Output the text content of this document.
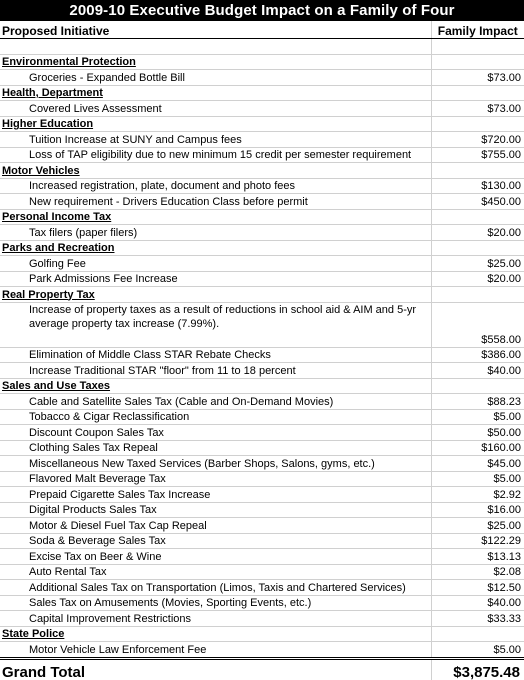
2009-10 Executive Budget Impact on a Family of Four
Proposed Initiative	Family Impact

Environmental Protection	
Groceries - Expanded Bottle Bill	$73.00
Health, Department	
Covered Lives Assessment	$73.00
Higher Education	
Tuition Increase at SUNY and Campus fees	$720.00
Loss of TAP eligibility due to new minimum 15 credit per semester requirement	$755.00
Motor Vehicles	
Increased registration, plate, document and photo fees	$130.00
New requirement - Drivers Education Class before permit	$450.00
Personal Income Tax	
Tax filers (paper filers)	$20.00
Parks and Recreation	
Golfing Fee	$25.00
Park Admissions Fee Increase	$20.00
Real Property Tax	
Increase of property taxes as a result of reductions in school aid & AIM and 5-yr average property tax increase (7.99%).	$558.00
Elimination of Middle Class STAR Rebate Checks	$386.00
Increase Traditional STAR "floor" from 11 to 18 percent	$40.00
Sales and Use Taxes	
Cable and Satellite Sales Tax (Cable and On-Demand Movies)	$88.23
Tobacco & Cigar Reclassification	$5.00
Discount Coupon Sales Tax	$50.00
Clothing Sales Tax Repeal	$160.00
Miscellaneous New Taxed Services (Barber Shops, Salons, gyms, etc.)	$45.00
Flavored Malt Beverage Tax	$5.00
Prepaid Cigarette Sales Tax Increase	$2.92
Digital Products Sales Tax	$16.00
Motor & Diesel Fuel Tax Cap Repeal	$25.00
Soda & Beverage Sales Tax	$122.29
Excise Tax on Beer & Wine	$13.13
Auto Rental Tax	$2.08
Additional Sales Tax on Transportation (Limos, Taxis and Chartered Services)	$12.50
Sales Tax on Amusements (Movies, Sporting Events, etc.)	$40.00
Capital Improvement Restrictions	$33.33
State Police	
Motor Vehicle Law Enforcement Fee	$5.00
Grand Total	$3,875.48
